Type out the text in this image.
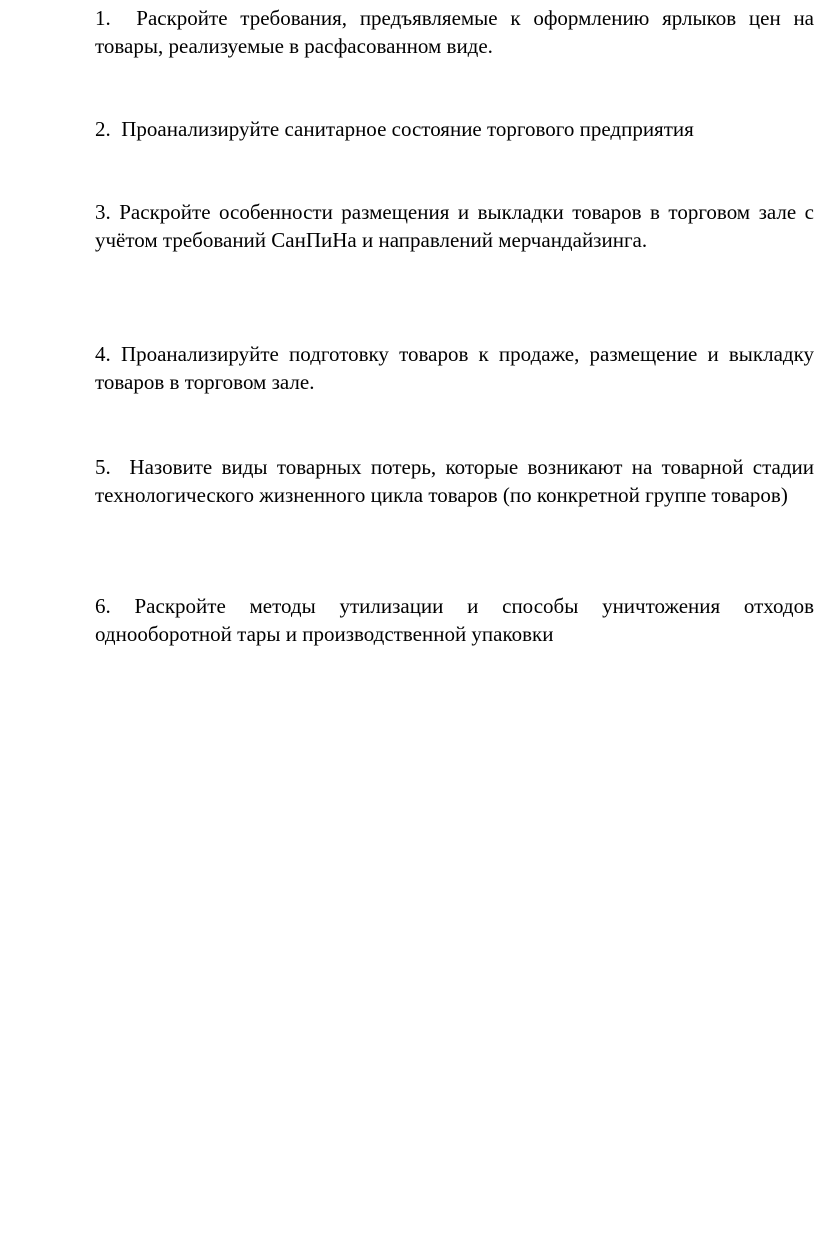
1. Раскройте требования, предъявляемые к оформлению ярлыков цен на товары, реализуемые в расфасованном виде.

2. Проанализируйте санитарное состояние торгового предприятия

3. Раскройте особенности размещения и выкладки товаров в торговом зале с учётом требований СанПиНа и направлений мерчандайзинга.

4. Проанализируйте подготовку товаров к продаже, размещение и выкладку товаров в торговом зале.

5. Назовите виды товарных потерь, которые возникают на товарной стадии технологического жизненного цикла товаров (по конкретной группе товаров)

6. Раскройте методы утилизации и способы уничтожения отходов однооборотной тары и производственной упаковки
